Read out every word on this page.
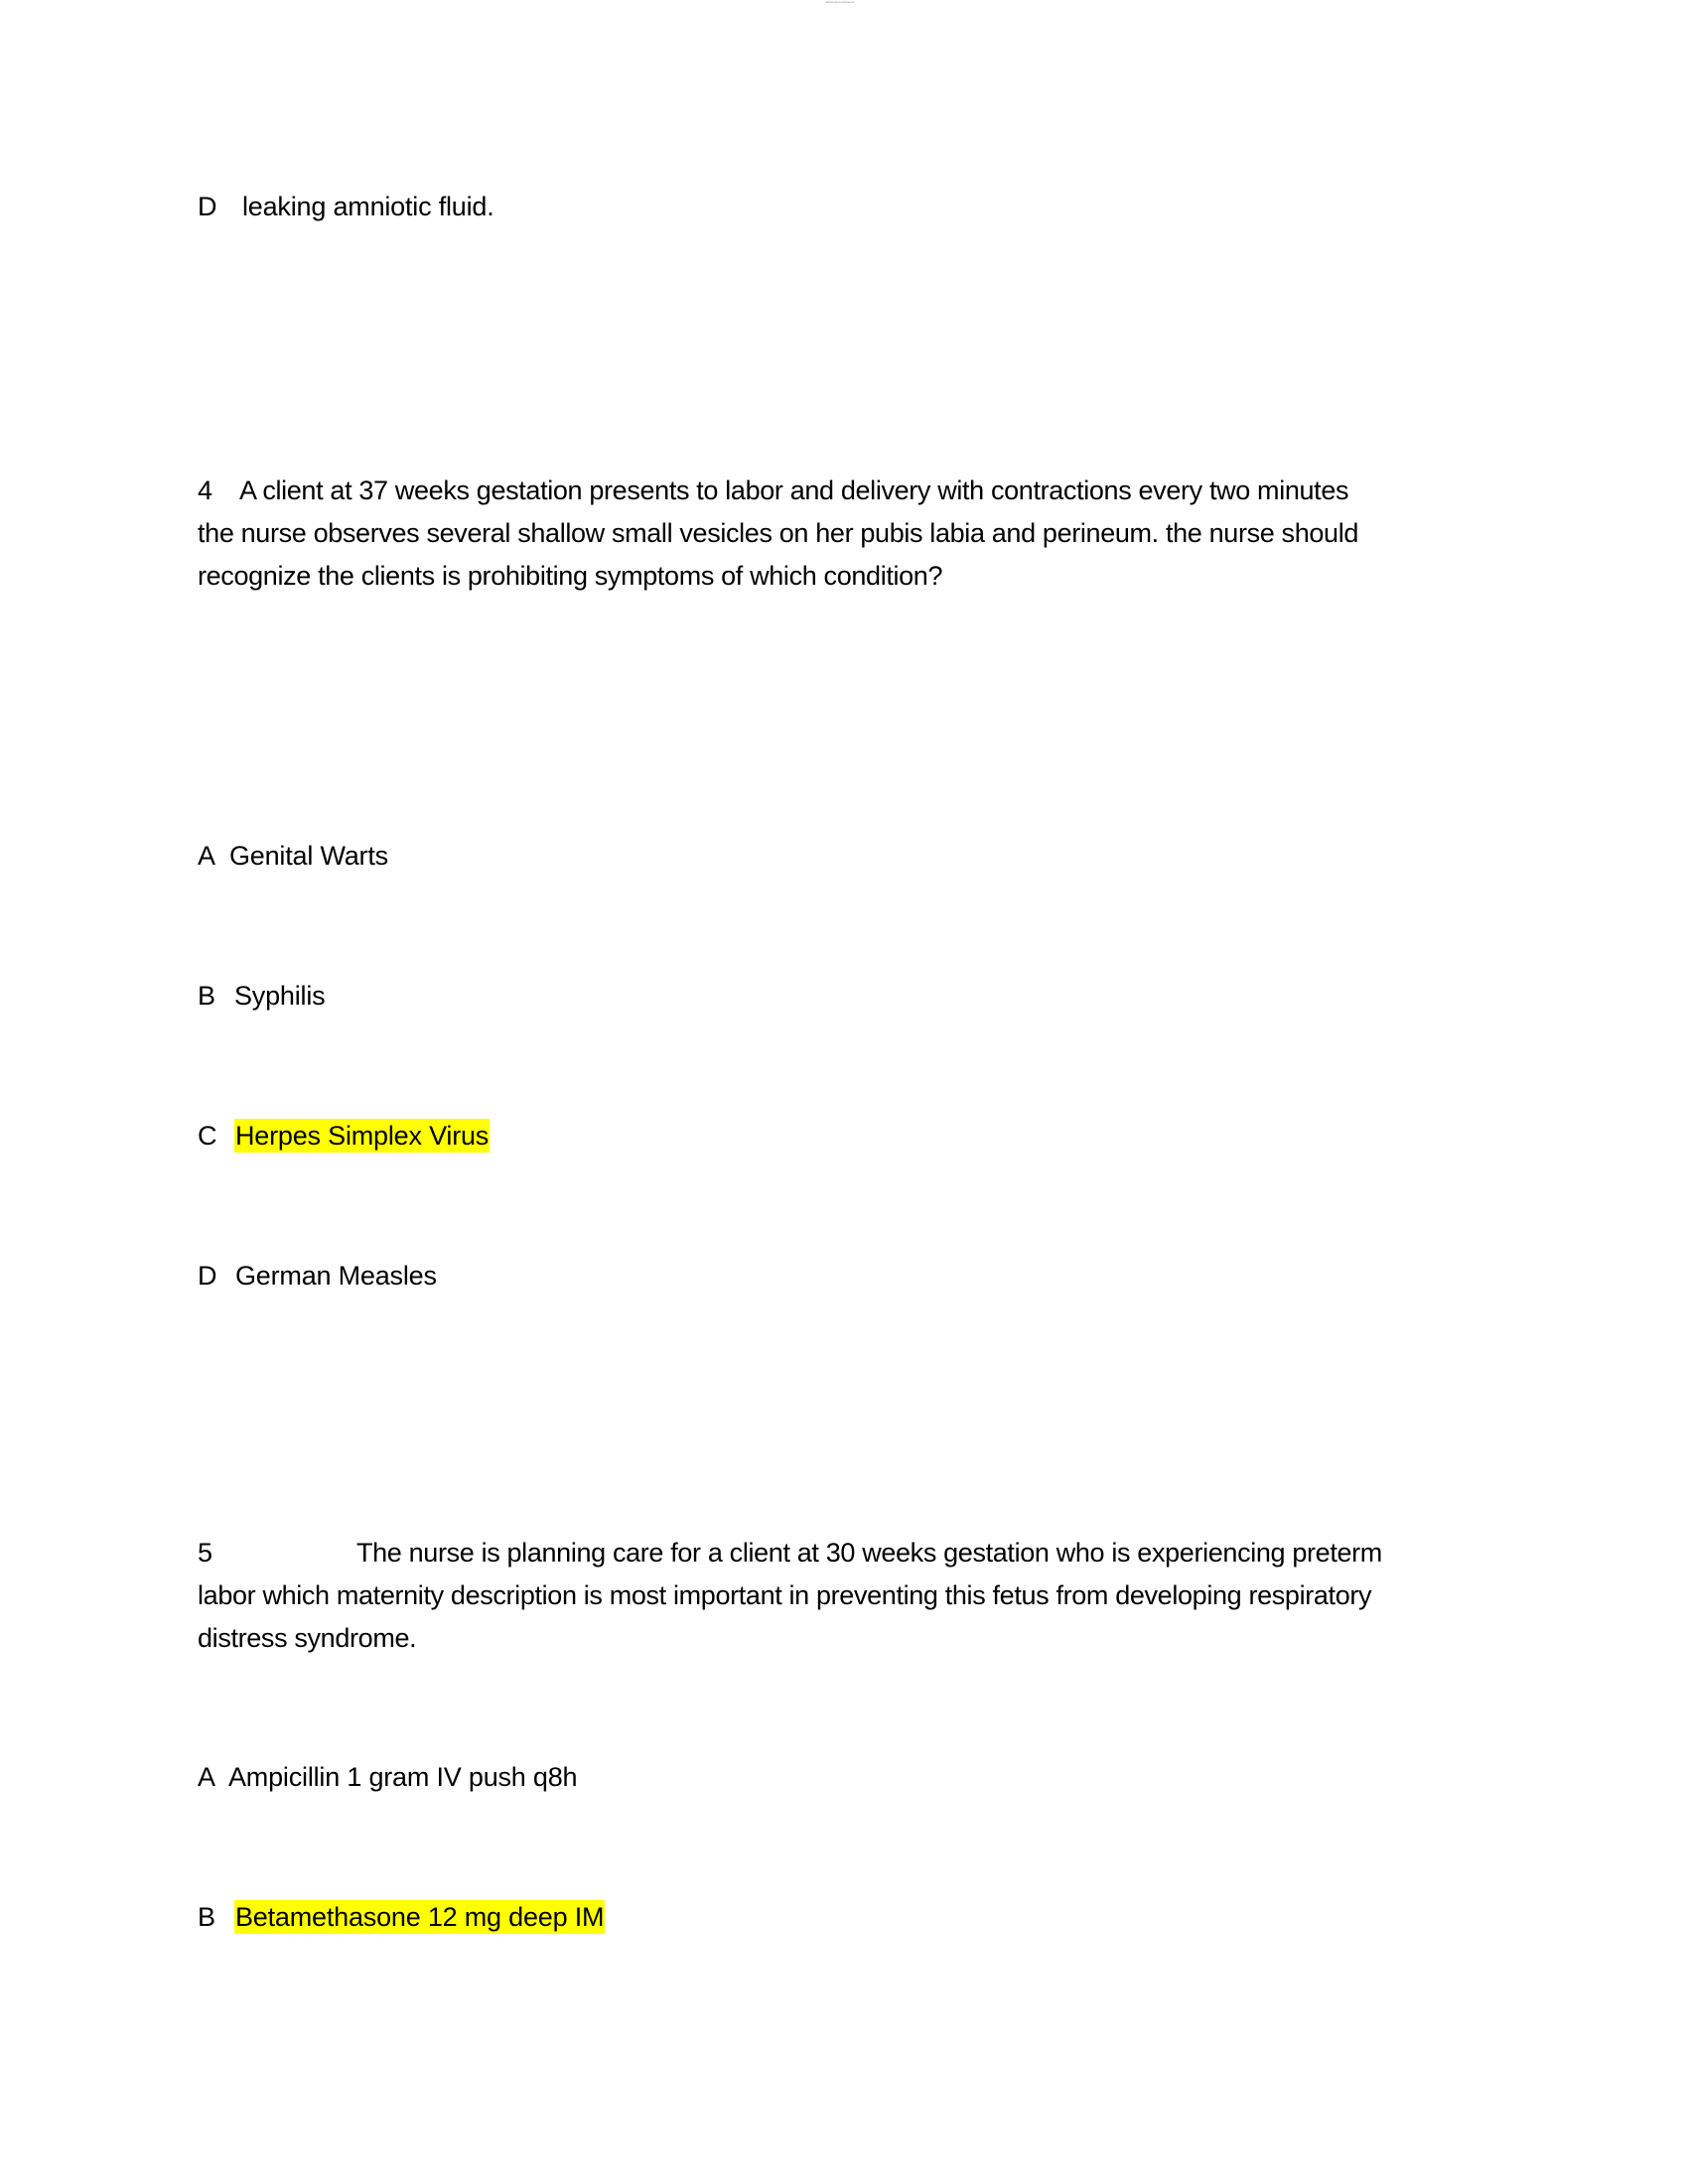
Document continued
D leaking amniotic fluid.
4 A client at 37 weeks gestation presents to labor and delivery with contractions every two minutes
the nurse observes several shallow small vesicles on her pubis labia and perineum. the nurse should
recognize the clients is prohibiting symptoms of which condition?
A Genital Warts
B Syphilis
C Herpes Simplex Virus
D German Measles
5	The nurse is planning care for a client at 30 weeks gestation who is experiencing preterm
labor which maternity description is most important in preventing this fetus from developing respiratory
distress syndrome.
A Ampicillin 1 gram IV push q8h
B Betamethasone 12 mg deep IM
